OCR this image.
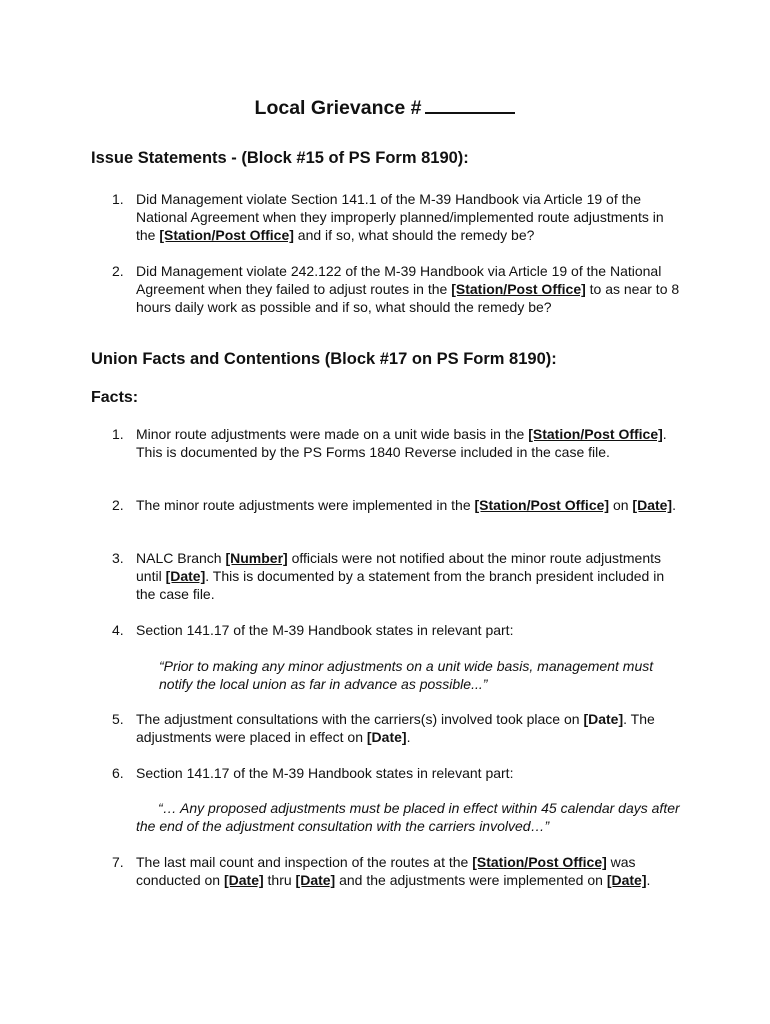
Local Grievance #
Issue Statements - (Block #15 of PS Form 8190):

1. Did Management violate Section 141.1 of the M-39 Handbook via Article 19 of the National Agreement when they improperly planned/implemented route adjustments in the [Station/Post Office] and if so, what should the remedy be?

2. Did Management violate 242.122 of the M-39 Handbook via Article 19 of the National Agreement when they failed to adjust routes in the [Station/Post Office] to as near to 8 hours daily work as possible and if so, what should the remedy be?

Union Facts and Contentions (Block #17 on PS Form 8190):
Facts:

1. Minor route adjustments were made on a unit wide basis in the [Station/Post Office]. This is documented by the PS Forms 1840 Reverse included in the case file.

2. The minor route adjustments were implemented in the [Station/Post Office] on [Date].

3. NALC Branch [Number] officials were not notified about the minor route adjustments until [Date]. This is documented by a statement from the branch president included in the case file.

4. Section 141.17 of the M-39 Handbook states in relevant part:

“Prior to making any minor adjustments on a unit wide basis, management must notify the local union as far in advance as possible...”

5. The adjustment consultations with the carriers(s) involved took place on [Date]. The adjustments were placed in effect on [Date].

6. Section 141.17 of the M-39 Handbook states in relevant part:

“… Any proposed adjustments must be placed in effect within 45 calendar days after the end of the adjustment consultation with the carriers involved…”

7. The last mail count and inspection of the routes at the [Station/Post Office] was conducted on [Date] thru [Date] and the adjustments were implemented on [Date].
